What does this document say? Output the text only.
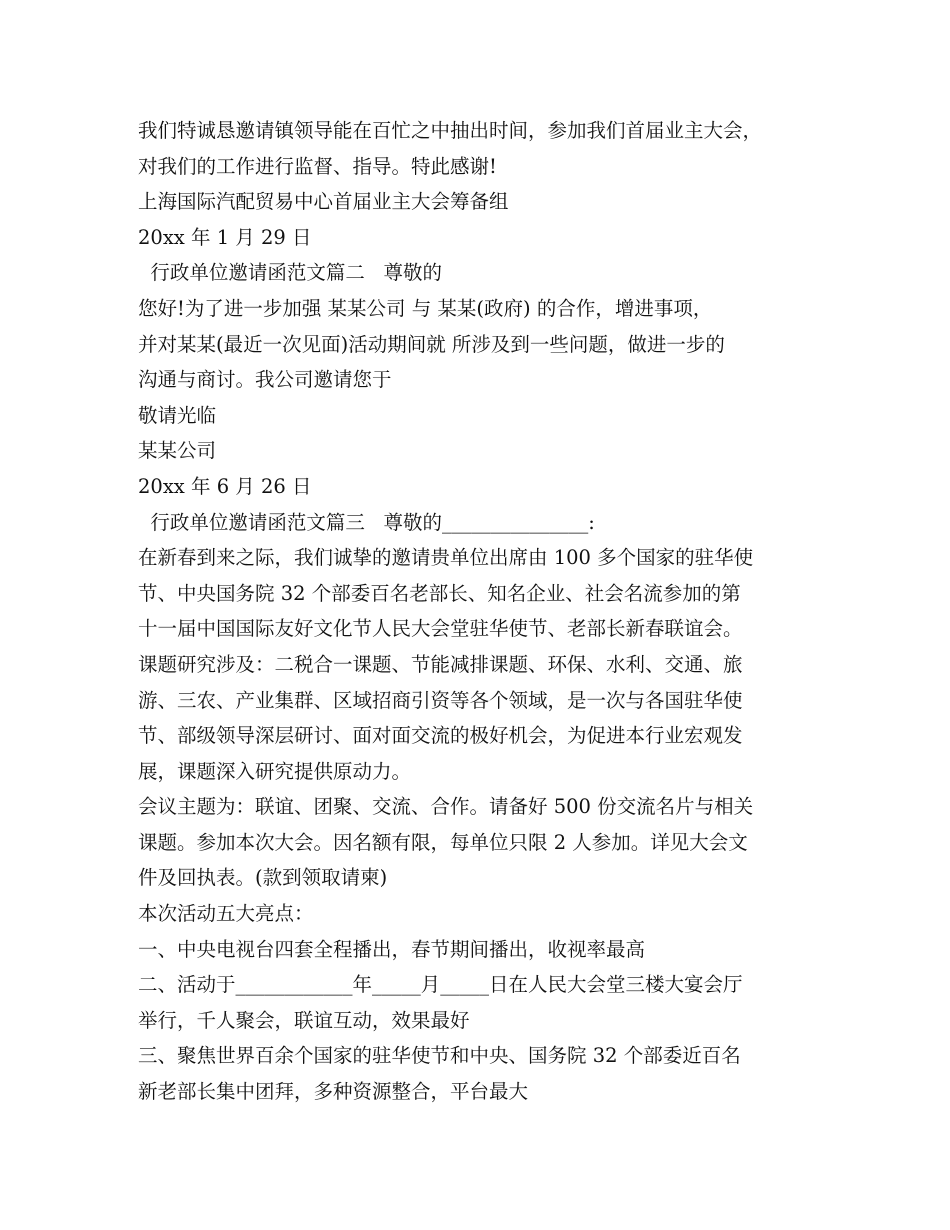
我们特诚恳邀请镇领导能在百忙之中抽出时间，参加我们首届业主大会，
对我们的工作进行监督、指导。特此感谢!
上海国际汽配贸易中心首届业主大会筹备组
20xx 年 1 月 29 日
行政单位邀请函范文篇二   尊敬的
您好!为了进一步加强 某某公司 与 某某(政府) 的合作，增进事项，
并对某某(最近一次见面)活动期间就 所涉及到一些问题，做进一步的
沟通与商讨。我公司邀请您于
敬请光临
某某公司
20xx 年 6 月 26 日
行政单位邀请函范文篇三   尊敬的_______________:
在新春到来之际，我们诚挚的邀请贵单位出席由 100 多个国家的驻华使
节、中央国务院 32 个部委百名老部长、知名企业、社会名流参加的第
十一届中国国际友好文化节人民大会堂驻华使节、老部长新春联谊会。
课题研究涉及：二税合一课题、节能减排课题、环保、水利、交通、旅
游、三农、产业集群、区域招商引资等各个领域，是一次与各国驻华使
节、部级领导深层研讨、面对面交流的极好机会，为促进本行业宏观发
展，课题深入研究提供原动力。
会议主题为：联谊、团聚、交流、合作。请备好 500 份交流名片与相关
课题。参加本次大会。因名额有限，每单位只限 2 人参加。详见大会文
件及回执表。(款到领取请柬)
本次活动五大亮点：
一、中央电视台四套全程播出，春节期间播出，收视率最高
二、活动于____________年_____月_____日在人民大会堂三楼大宴会厅
举行，千人聚会，联谊互动，效果最好
三、聚焦世界百余个国家的驻华使节和中央、国务院 32 个部委近百名
新老部长集中团拜，多种资源整合，平台最大
